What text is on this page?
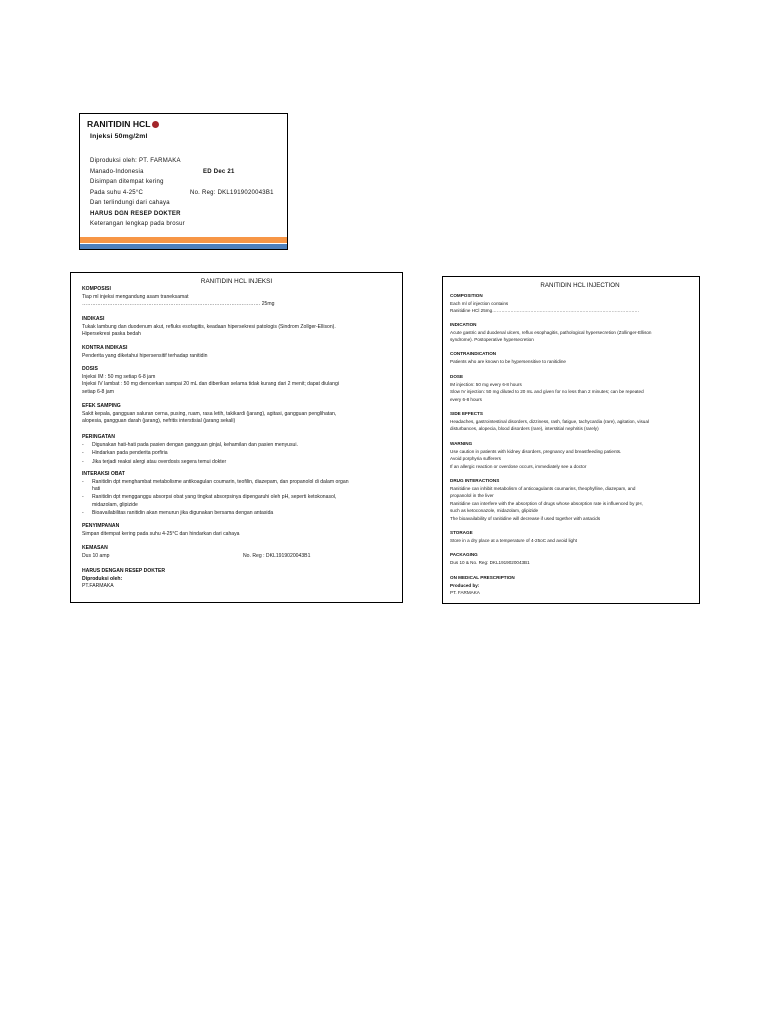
RANITIDIN HCL
Injeksi 50mg/2ml
Diproduksi oleh: PT. FARMAKA
Manado-Indonesia	ED Dec 21
Disimpan ditempat kering
Pada suhu 4-25°C	No. Reg: DKL1919020043B1
Dan terlindungi dari cahaya
HARUS DGN RESEP DOKTER
Keterangan lengkap pada brosur
RANITIDIN HCL INJEKSI
KOMPOSISI
Tiap ml injeksi mengandung asam traneksamat
…………………………………………………………………………………………… 25mg
INDIKASI
Tukak lambung dan duodenum akut, refluks esofagitis, keadaan hipersekresi patologis (Sindrom Zollger-Ellison).
Hipersekresi paska bedah
KONTRA INDIKASI
Penderita yang diketahui hipersensitif terhadap ranitidin
DOSIS
Injeksi IM : 50 mg setiap 6-8 jam
Injeksi IV lambat : 50 mg diencerkan sampai 20 mL dan diberikan selama tidak kurang dari 2 menit; dapat diulangi
setiap 6-8 jam
EFEK SAMPING
Sakit kepala, gangguan saluran cerna, pusing, ruam, rasa letih, takikardi (jarang), agitasi, gangguan penglihatan,
alopesia, gangguan darah (jarang), nefritis interstisial (jarang sekali)
PERINGATAN
- Digunakan hati-hati pada pasien dengan gangguan ginjal, kehamilan dan pasien menyusui.
- Hindarkan pada penderita porfiria
- Jika terjadi reaksi alergi atau overdosis segera temui dokter
INTERAKSI OBAT
- Ranitidin dpt menghambat metabolisme antikoagulan coumarin, teofilin, diazepam, dan propanolol di dalam organ
hati
- Ranitidin dpt mengganggu absorpsi obat yang tingkat absorpsinya dipengaruhi oleh pH, seperti ketokonasol,
midazolam, glipizide
- Bioavailabilitas ranitidin akan menurun jika digunakan bersama dengan antasida
PENYIMPANAN
Simpan ditempat kering pada suhu 4-25°C dan hindarkan dari cahaya
KEMASAN
Dus 10 amp	No. Reg : DKL1919020043B1
HARUS DENGAN RESEP DOKTER
Diproduksi oleh:
PT.FARMAKA
RANITIDIN HCL INJECTION
COMPOSITION
Each ml of injection contains
Ranitidine HCl 25mg……………………………………………………………………………………
INDICATION
Acute gastric and duodenal ulcers, reflux esophagitis, pathological hypersecretion (Zollinger-Ellison
syndrome). Postoperative hypersecretion
CONTRAINDICATION
Patients who are known to be hypersensitive to ranitidine
DOSE
IM injection: 50 mg every 6-8 hours
Slow IV injection: 50 mg diluted to 20 mL and given for no less than 2 minutes; can be repeated
every 6-8 hours
SIDE EFFECTS
Headaches, gastrointestinal disorders, dizziness, rash, fatigue, tachycardia (rare), agitation, visual
disturbances, alopecia, blood disorders (rare), interstitial nephritis (rarely)
WARNING
Use caution in patients with kidney disorders, pregnancy and breastfeeding patients.
Avoid porphyria sufferers
If an allergic reaction or overdose occurs, immediately see a doctor
DRUG INTERACTIONS
Ranitidine can inhibit metabolism of anticoagulants coumarins, theophylline, diazepam, and
propanolol in the liver
Ranitidine can interfere with the absorption of drugs whose absorption rate is influenced by pH,
such as ketoconazole, midazolam, glipizide
The bioavailability of ranitidine will decrease if used together with antacids
STORAGE
Store in a dry place at a temperature of 4-25oC and avoid light
PACKAGING
Dus 10 & No. Reg: DKL1919020043B1
ON MEDICAL PRESCRIPTION
Produced by:
PT. FARMAKA
